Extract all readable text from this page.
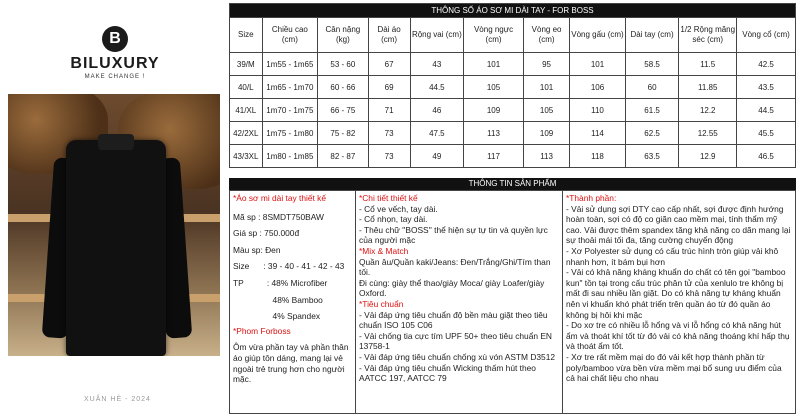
B
BILUXURY
MAKE CHANGE !
XUÂN HÈ - 2024
THÔNG SỐ ÁO SƠ MI DÀI TAY - FOR BOSS										
Size	Chiều cao (cm)	Cân nặng (kg)	Dài áo (cm)	Rộng vai (cm)	Vòng ngực (cm)	Vòng eo (cm)	Vòng gấu (cm)	Dài tay (cm)	1/2 Rộng măng séc (cm)	Vòng cổ (cm)
39/M	1m55 - 1m65	53 - 60	67	43	101	95	101	58.5	11.5	42.5
40/L	1m65 - 1m70	60 - 66	69	44.5	105	101	106	60	11.85	43.5
41/XL	1m70 - 1m75	66 - 75	71	46	109	105	110	61.5	12.2	44.5
42/2XL	1m75 - 1m80	75 - 82	73	47.5	113	109	114	62.5	12.55	45.5
43/3XL	1m80 - 1m85	82 - 87	73	49	117	113	118	63.5	12.9	46.5
THÔNG TIN SẢN PHẨM
*Áo sơ mi dài tay thiết kế
Mã sp : 8SMDT750BAW
Giá sp : 750.000đ
Màu sp: Đen
Size      : 39 - 40 - 41 - 42 - 43
TP          : 48% Microfiber
48% Bamboo
4% Spandex
*Phom Forboss
Ôm vừa phần tay và phần thân áo giúp tôn dáng, mang lại vẻ ngoài trẻ trung hơn cho người mặc.
*Chi tiết thiết kế
- Cổ ve vếch, tay dài.
- Cổ nhọn, tay dài.
- Thêu chữ ''BOSS'' thể hiện sự tự tin và quyền lực của người mặc
*Mix & Match
Quần âu/Quần kaki/Jeans: Đen/Trắng/Ghi/Tím than tối.
Đi cùng: giày thể thao/giày Moca/ giày Loafer/giày Oxford.
*Tiêu chuẩn
- Vải đáp ứng tiêu chuẩn độ bền màu giặt theo tiêu chuẩn ISO 105 C06
- Vải chống tia cực tím UPF 50+ theo tiêu chuẩn EN 13758-1
- Vải đáp ứng tiêu chuẩn chống xù vón ASTM D3512
- Vải đáp ứng tiêu chuẩn Wicking thấm hút theo AATCC 197, AATCC 79
*Thành phần:
- Vải sử dụng sợi DTY cao cấp nhất, sợi được định hướng hoàn toàn, sợi có độ co giãn cao mềm mại, tính thẩm mỹ cao. Vải được thêm spandex tăng khả năng co dãn mang lại sự thoải mái tối đa, tăng cường chuyển động
- Xơ Polyester sử dụng có cấu trúc hình tròn giúp vải khô nhanh hơn, ít bám bụi hơn
- Vải có khả năng kháng khuẩn do chất có tên gọi "bamboo kun" tồn tại trong cấu trúc phân tử của xenlulo tre không bị mất đi sau nhiều lần giặt. Do có khả năng tự kháng khuẩn nên vi khuẩn khó phát triển trên quần áo từ đó quần áo không bị hôi khi mặc
- Do xơ tre có nhiều lỗ hổng và vi lỗ hổng có khả năng hút ẩm và thoát khí tốt từ đó vải có khả năng thoáng khí hấp thụ và thoát ẩm tốt.
- Xơ tre rất mềm mại do đó vải kết hợp thành phần từ poly/bamboo vừa bền vừa mềm mại bổ sung ưu điểm của cả hai chất liệu cho nhau
